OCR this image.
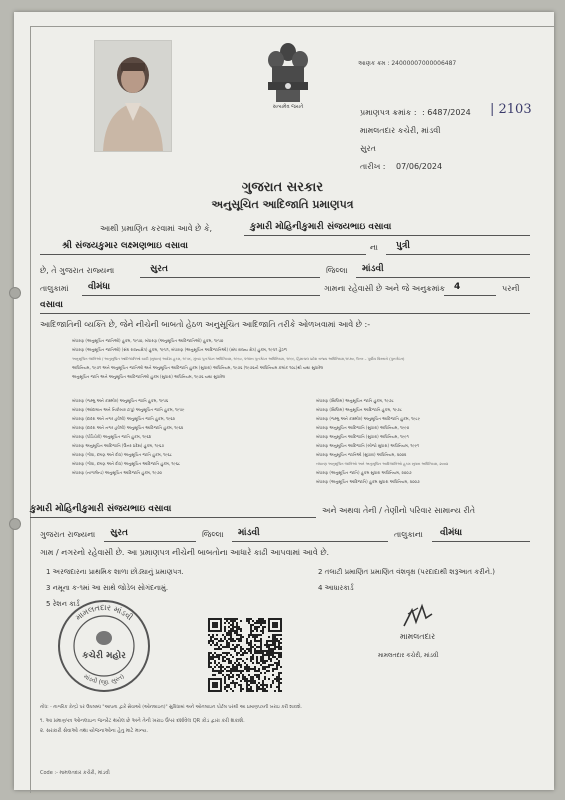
સત્યમેવ જયતે
આણક ક્રમ : 24000007000006487
પ્રમાણપત્ર ક્રમાંક : : 6487/2024 | 2103
મામલતદાર કચેરી, માંડવી
સુરત
તારીખ : 07/06/2024
ગુજરાત સરકાર
અનુસૂચિત આદિજાતિ પ્રમાણપત્ર
આથી પ્રમાણિત કરવામાં આવે છે કે,	કુમારી મોહિનીકુમારી સંજયભાઇ વસાવા
શ્રી સંજયકુમાર લક્ષ્મણભાઇ વસાવા	ના પુત્રી
છે, તે ગુજરાત રાજ્યના	સુરત	જિલ્લા માંડવી
તાલુકામાં વીમંધા	ગામના રહેવાસી છે અને જે અનુક્રમાંક 4	પરની
વસાવા
આદિજાતિની વ્યક્તિ છે, જેને નીચેની બાબતો હેઠળ અનુસૂચિત આદિજાતિ તરીકે ઓળખવામાં આવે છે :-
બંધારણ (અનુસૂચિત જાતિઓ) હુકમ, ૧૯૫૦, બંધારણ (અનુસૂચિત આદિજાતિઓ) હુકમ, ૧૯૫૦
બંધારણ (અનુસૂચિત જાતિઓ) (સંઘ રાજ્યક્ષેત્ર) હુકમ, ૧૯૫૧, બંધારણ (અનુસૂચિત આદિજાતિઓ) (સંઘ રાજ્ય ક્ષેત્ર) હુકમ, ૧૯૫૧ હેઠળ
અનુસૂચિત જાતિઓ / અનુસૂચિત આદિજાતિઓ યાદી (સુધારા) આદેશ હુકમ, ૧૯૫૬, મુંબઇ પુનર્ગઠન અધિનિયમ, ૧૯૬૦, પંજાબ પુનર્ગઠન અધિનિયમ, ૧૯૬૬, હિમાચલ પ્રદેશ રાજ્ય અધિનિયમ,૧૯૭૦, ઉત્તર – પૂર્વીય વિસ્તારો (પુનર્ગઠન)
અધિનિયમ, ૧૯૭૧ અને અનુસૂચિત જાતિઓ અને અનુસૂચિત આદિજાતિ હુકમ (સુધારા) અધિનિયમ, ૧૯૭૬ (૧૯૭૬નો અધિનિયમ ક્રમાંક ૧૦૮)થી યથા સુધારેલ
અનુસૂચિત જાતિ અને અનુસૂચિત આદિજાતિઓ હુકમ (સુધારા) અધિનિયમ, ૧૯૭૬ યથા સુધારેલ
બંધારણ (જમ્મુ અને કાશ્મીર) અનુસૂચિત જાતિ હુકમ, ૧૯૫૬
બંધારણ (આંદામાન અને નિકોબાર ટાપુ) અનુસૂચિત જાતિ હુકમ, ૧૯૫૯
બંધારણ (દાદરા અને નગર હવેલી) અનુસૂચિત જાતિ હુકમ, ૧૯૬૨
બંધારણ (દાદરા અને નગર હવેલી) અનુસૂચિત આદિજાતિ હુકમ, ૧૯૬૨
બંધારણ (પોંડિચેરી) અનુસૂચિત જાતિ હુકમ, ૧૯૬૪
બંધારણ અનુસૂચિત આદિજાતિ (ઉત્તર પ્રદેશ) હુકમ, ૧૯૬૭
બંધારણ (ગોવા, દમણ અને દીવ) અનુસૂચિત જાતિ હુકમ, ૧૯૬૮
બંધારણ (ગોવા, દમણ અને દીવ) અનુસૂચિત આદિજાતિ હુકમ, ૧૯૬૮
બંધારણ (નાગાલેન્ડ) અનુસૂચિત આદિજાતિ હુકમ, ૧૯૭૦
બંધારણ (સિક્કિમ) અનુસૂચિત જાતિ હુકમ, ૧૯૭૮
બંધારણ (સિક્કિમ) અનુસૂચિત આદિજાતિ હુકમ, ૧૯૭૮
બંધારણ (જમ્મુ અને કાશ્મીર) અનુસૂચિત આદિજાતિ હુકમ, ૧૯૮૯
બંધારણ અનુસૂચિત આદિજાતિ (સુધારા) અધિનિયમ, ૧૯૯૦
બંધારણ અનુસૂચિત આદિજાતિ (સુધારા) અધિનિયમ, ૧૯૯૧
બંધારણ અનુસૂચિત આદિજાતિ (બીજો સુધારા) અધિનિયમ, ૧૯૯૧
બંધારણ અનુસૂચિત જાતિઓ (સુધારા) અધિનિયમ, ૨૦૦૨
બંધારણ અનુસૂચિત જાતિઓ અને અનુસૂચિત આદિજાતિઓ હુકમ સુધારા અધિનિયમ, ૨૦૦૨
બંધારણ (અનુસૂચિત જાતિ) હુકમ સુધારા અધિનિયમ, ૨૦૦૭
બંધારણ (અનુસૂચિત આદિજાતિ) હુકમ સુધારા અધિનિયમ, ૨૦૦૭
કુમારી મોહિનીકુમારી સંજયભાઇ વસાવા	અને અથવા તેની / તેણીનો પરિવાર સામાન્ય રીતે
ગુજરાત રાજ્યના સુરત	જિલ્લા માંડવી	તાલુકાના વીમંધા
ગામ / નગરનો રહેવાસી છે. આ પ્રમાણપત્ર નીચેની બાબતોના આધારે કાઢી આપવામાં આવે છે.
1 અરજદારના પ્રાથમિક શાળા છોડ્યાનું પ્રમાણપત્ર.	2 તલાટી પ્રમાણિત પ્રમાણિત વંશવૃક્ષ (પરદાદાથી શરૂઆત કરીને.)
3 નમૂના ક-૧માં આ સાથે જોડેલ સોગંદનામું.	4 આધારકાર્ડ
5 રેશન કાર્ડ
મામલતદાર માંડવી
માંડવી (જી. સુરત)
કચેરી મહોર
મામલતદાર
મામલતદાર કચેરી, માંડવી
નોંધ: - નાગરિક કેન્દ્રો પર ઉપલબ્ધ "આપના દ્વારે સેવાઓ (ઓનલાઇન)" સુવિધામાં અને ઓનલાઇન પોર્ટલ પરથી આ પ્રમાણપત્રની ખરાઇ કરી શકાશે.
૧. આ પ્રમાણપત્ર ઓનલાઇન જનરેટ થયેલ છે અને તેની ખરાઇ ઉપર દર્શાવેલ QR કોડ દ્વારા કરી શકાશે.
૨. સરકારી સેવાઓ તથા યોજનાઓના હેતુ માટે માન્ય.
Code :- મામલતદાર કચેરી, માંડવી
